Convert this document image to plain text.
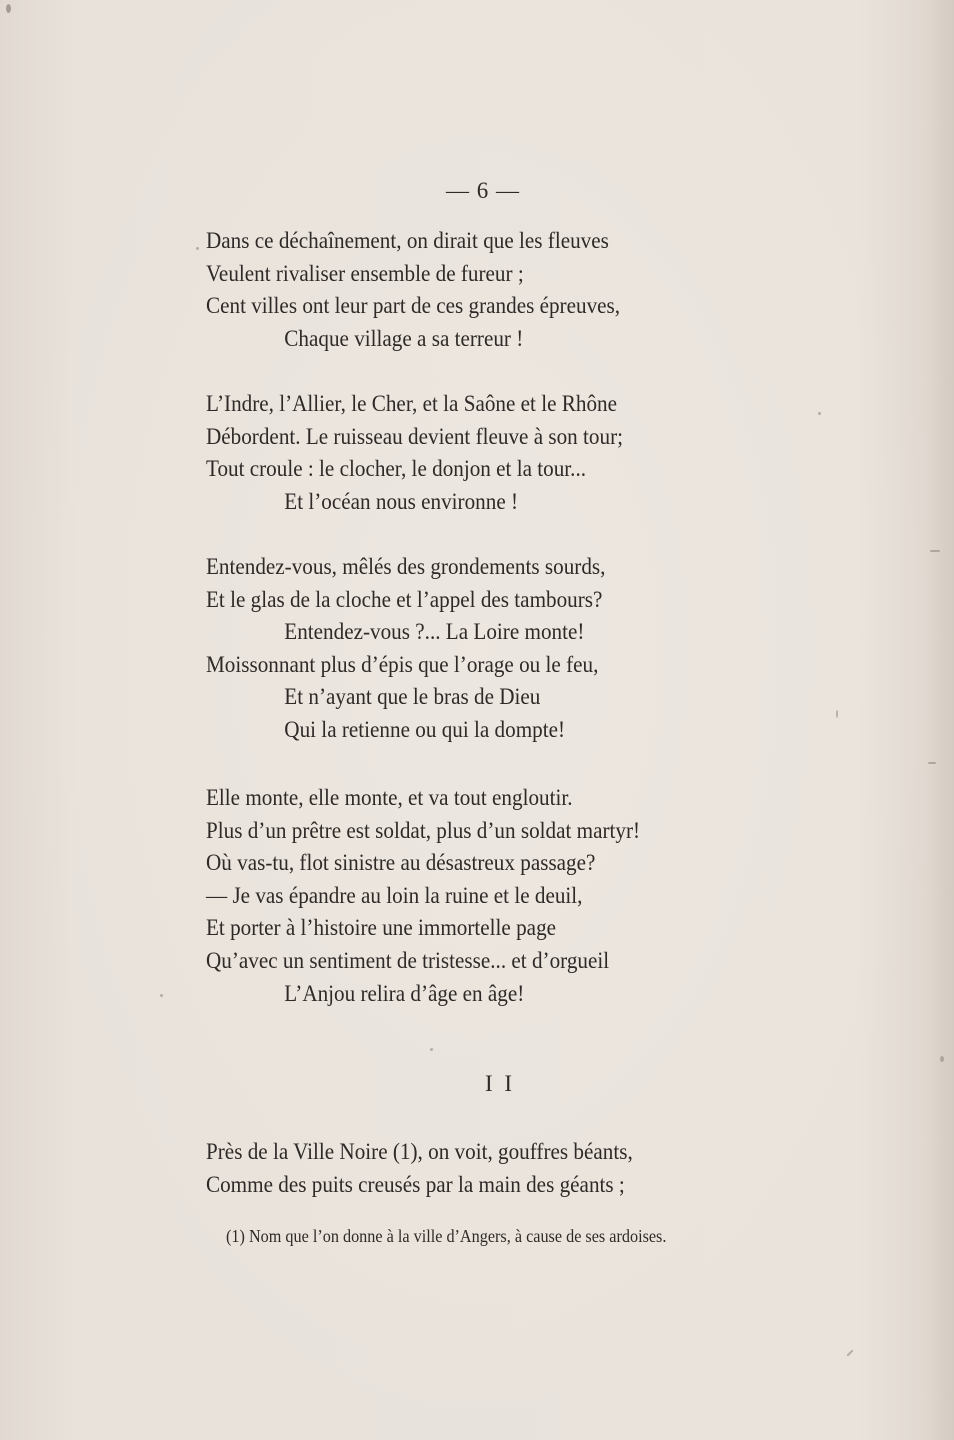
— 6 —
Dans ce déchaînement, on dirait que les fleuves
Veulent rivaliser ensemble de fureur ;
Cent villes ont leur part de ces grandes épreuves,
Chaque village a sa terreur !
L’Indre, l’Allier, le Cher, et la Saône et le Rhône
Débordent. Le ruisseau devient fleuve à son tour;
Tout croule : le clocher, le donjon et la tour...
Et l’océan nous environne !
Entendez-vous, mêlés des grondements sourds,
Et le glas de la cloche et l’appel des tambours?
Entendez-vous ?... La Loire monte!
Moissonnant plus d’épis que l’orage ou le feu,
Et n’ayant que le bras de Dieu
Qui la retienne ou qui la dompte!
Elle monte, elle monte, et va tout engloutir.
Plus d’un prêtre est soldat, plus d’un soldat martyr!
Où vas-tu, flot sinistre au désastreux passage?
— Je vas épandre au loin la ruine et le deuil,
Et porter à l’histoire une immortelle page
Qu’avec un sentiment de tristesse... et d’orgueil
L’Anjou relira d’âge en âge!
I I
Près de la Ville Noire (1), on voit, gouffres béants,
Comme des puits creusés par la main des géants ;
(1) Nom que l’on donne à la ville d’Angers, à cause de ses ardoises.
